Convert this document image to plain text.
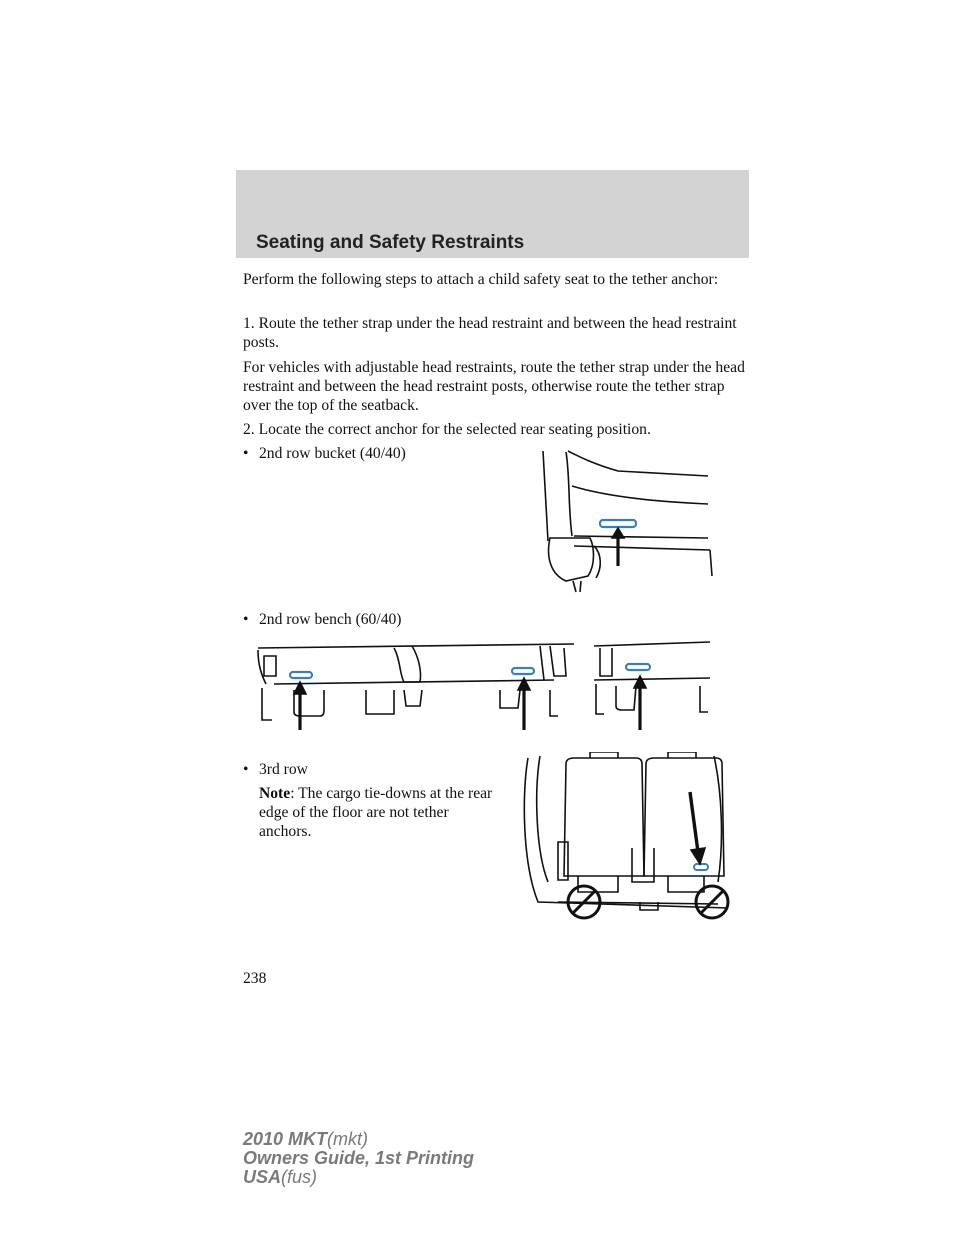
Seating and Safety Restraints

Perform the following steps to attach a child safety seat to the tether anchor:

1. Route the tether strap under the head restraint and between the head restraint posts.

For vehicles with adjustable head restraints, route the tether strap under the head restraint and between the head restraint posts, otherwise route the tether strap over the top of the seatback.

2. Locate the correct anchor for the selected rear seating position.

• 2nd row bucket (40/40)
• 2nd row bench (60/40)
• 3rd row

Note: The cargo tie-downs at the rear edge of the floor are not tether anchors.

238
2010 MKT(mkt)
Owners Guide, 1st Printing
USA(fus)
